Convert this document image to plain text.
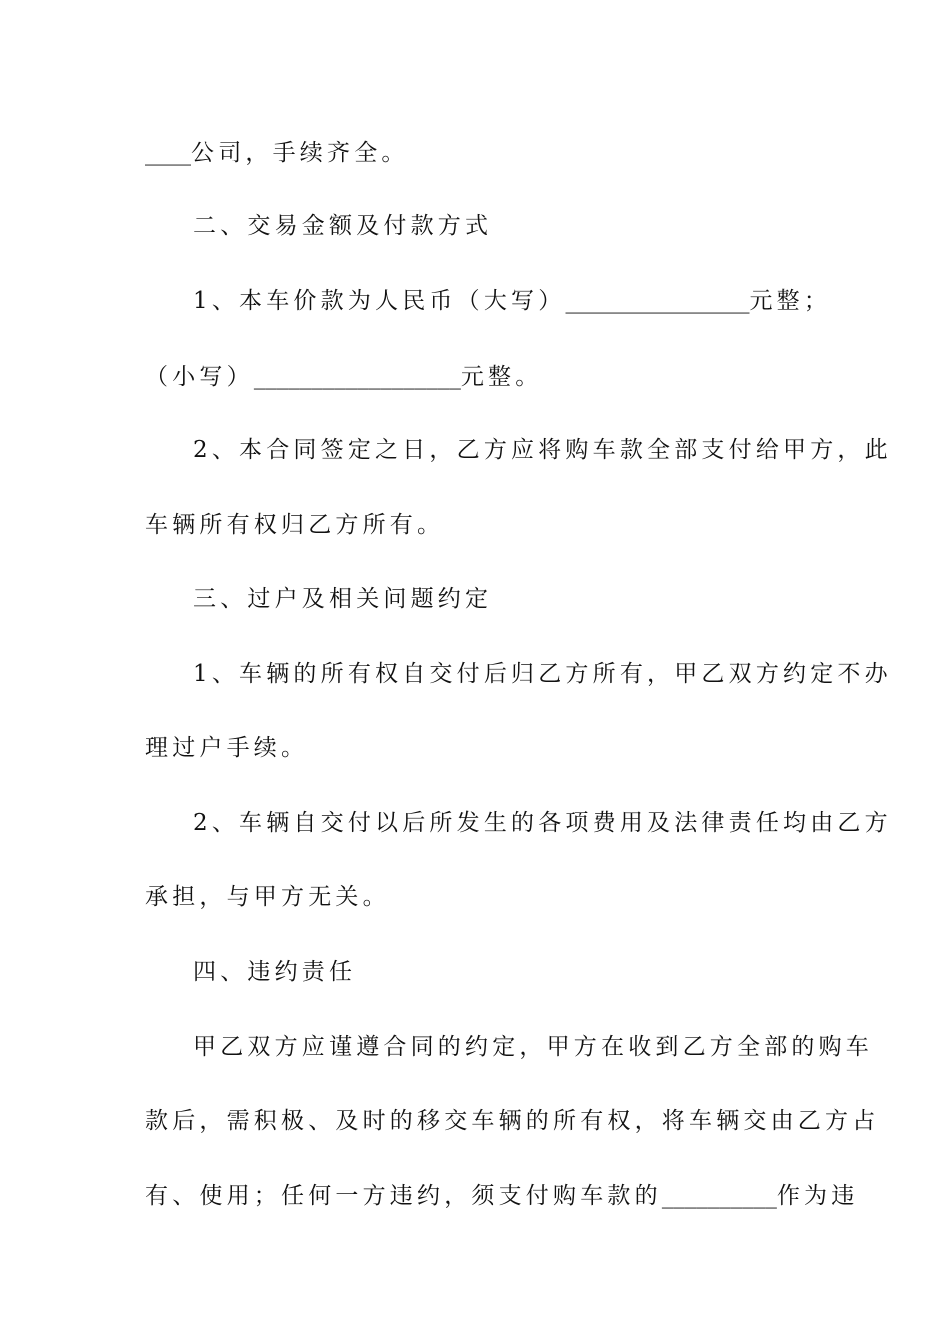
____公司，手续齐全。
二、交易金额及付款方式
1、本车价款为人民币（大写）________________元整；
（小写）__________________元整。
2、本合同签定之日，乙方应将购车款全部支付给甲方，此
车辆所有权归乙方所有。
三、过户及相关问题约定
1、车辆的所有权自交付后归乙方所有，甲乙双方约定不办
理过户手续。
2、车辆自交付以后所发生的各项费用及法律责任均由乙方
承担，与甲方无关。
四、违约责任
甲乙双方应谨遵合同的约定，甲方在收到乙方全部的购车
款后，需积极、及时的移交车辆的所有权，将车辆交由乙方占
有、使用；任何一方违约，须支付购车款的__________作为违
